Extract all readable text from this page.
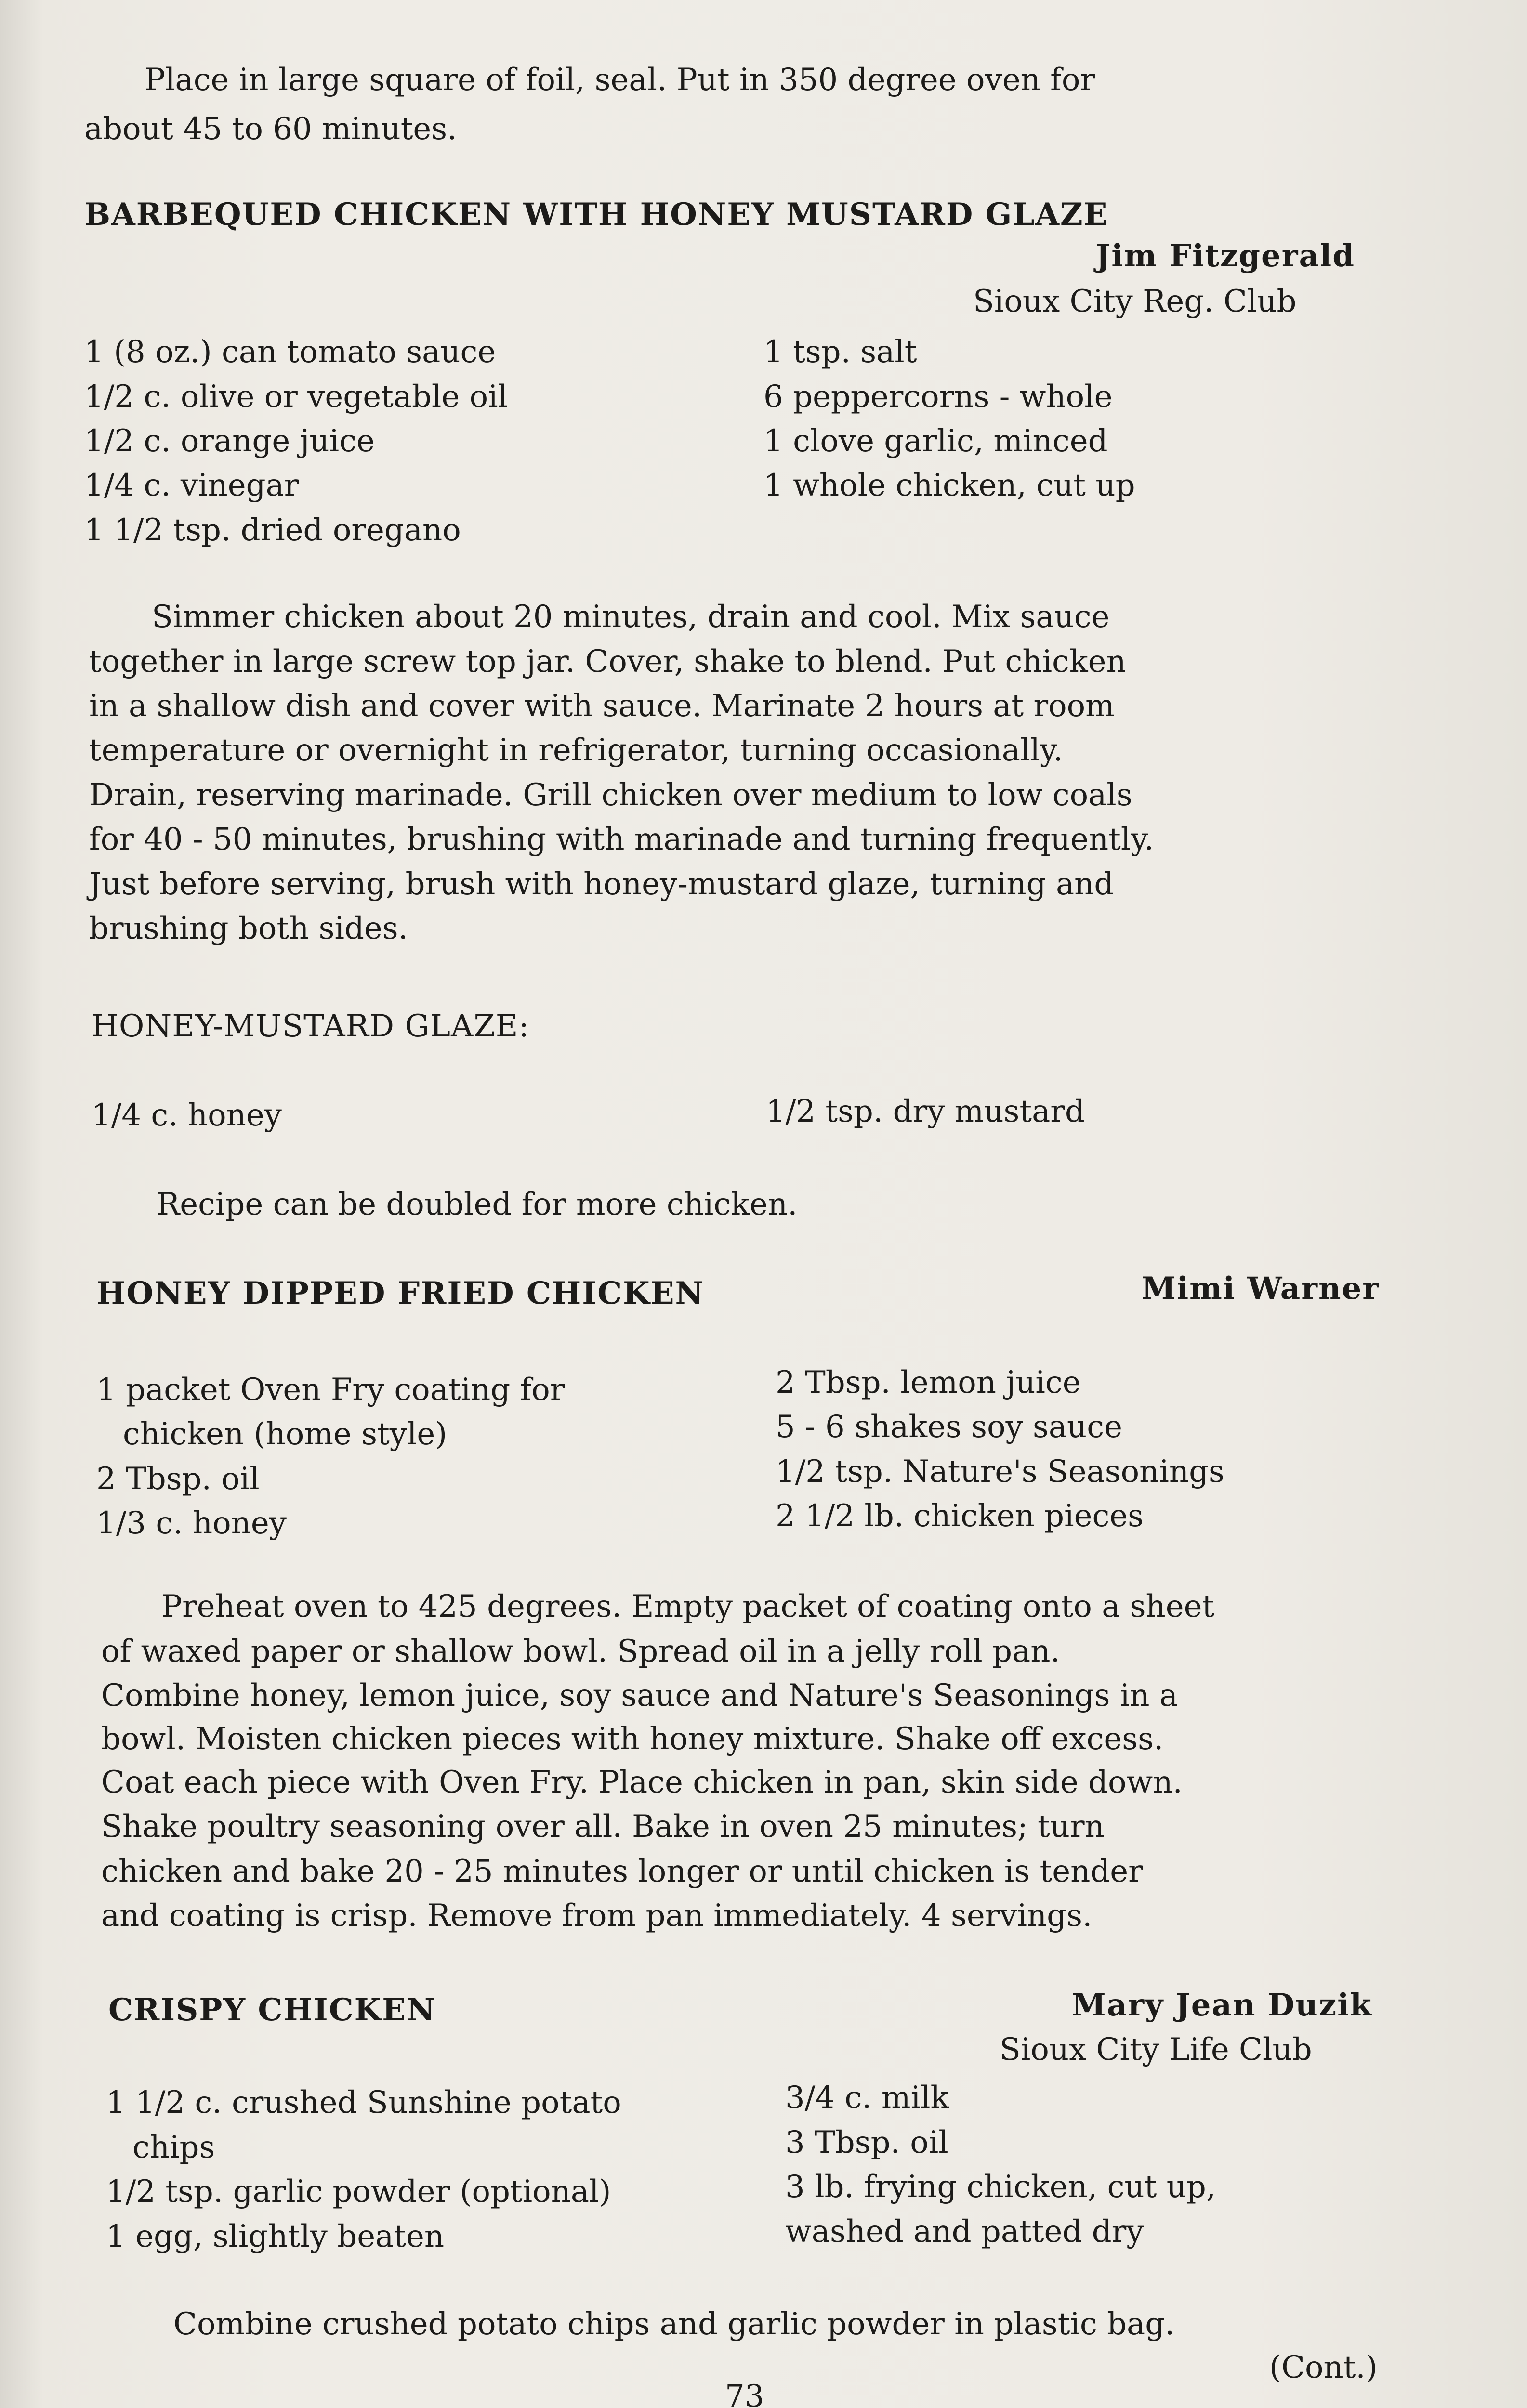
Place in large square of foil, seal. Put in 350 degree oven for
about 45 to 60 minutes.
BARBEQUED CHICKEN WITH HONEY MUSTARD GLAZE
Jim Fitzgerald
Sioux City Reg. Club
1 (8 oz.) can tomato sauce
1/2 c. olive or vegetable oil
1/2 c. orange juice
1/4 c. vinegar
1 1/2 tsp. dried oregano
1 tsp. salt
6 peppercorns - whole
1 clove garlic, minced
1 whole chicken, cut up
Simmer chicken about 20 minutes, drain and cool. Mix sauce
together in large screw top jar. Cover, shake to blend. Put chicken
in a shallow dish and cover with sauce. Marinate 2 hours at room
temperature or overnight in refrigerator, turning occasionally.
Drain, reserving marinade. Grill chicken over medium to low coals
for 40 - 50 minutes, brushing with marinade and turning frequently.
Just before serving, brush with honey-mustard glaze, turning and
brushing both sides.
HONEY-MUSTARD GLAZE:
1/4 c. honey	1/2 tsp. dry mustard
Recipe can be doubled for more chicken.
HONEY DIPPED FRIED CHICKEN	Mimi Warner
1 packet Oven Fry coating for
chicken (home style)
2 Tbsp. oil
1/3 c. honey
2 Tbsp. lemon juice
5 - 6 shakes soy sauce
1/2 tsp. Nature's Seasonings
2 1/2 lb. chicken pieces
Preheat oven to 425 degrees. Empty packet of coating onto a sheet
of waxed paper or shallow bowl. Spread oil in a jelly roll pan.
Combine honey, lemon juice, soy sauce and Nature's Seasonings in a
bowl. Moisten chicken pieces with honey mixture. Shake off excess.
Coat each piece with Oven Fry. Place chicken in pan, skin side down.
Shake poultry seasoning over all. Bake in oven 25 minutes; turn
chicken and bake 20 - 25 minutes longer or until chicken is tender
and coating is crisp. Remove from pan immediately. 4 servings.
CRISPY CHICKEN	Mary Jean Duzik
Sioux City Life Club
1 1/2 c. crushed Sunshine potato
chips
1/2 tsp. garlic powder (optional)
1 egg, slightly beaten
3/4 c. milk
3 Tbsp. oil
3 lb. frying chicken, cut up,
washed and patted dry
Combine crushed potato chips and garlic powder in plastic bag.
(Cont.)
73
